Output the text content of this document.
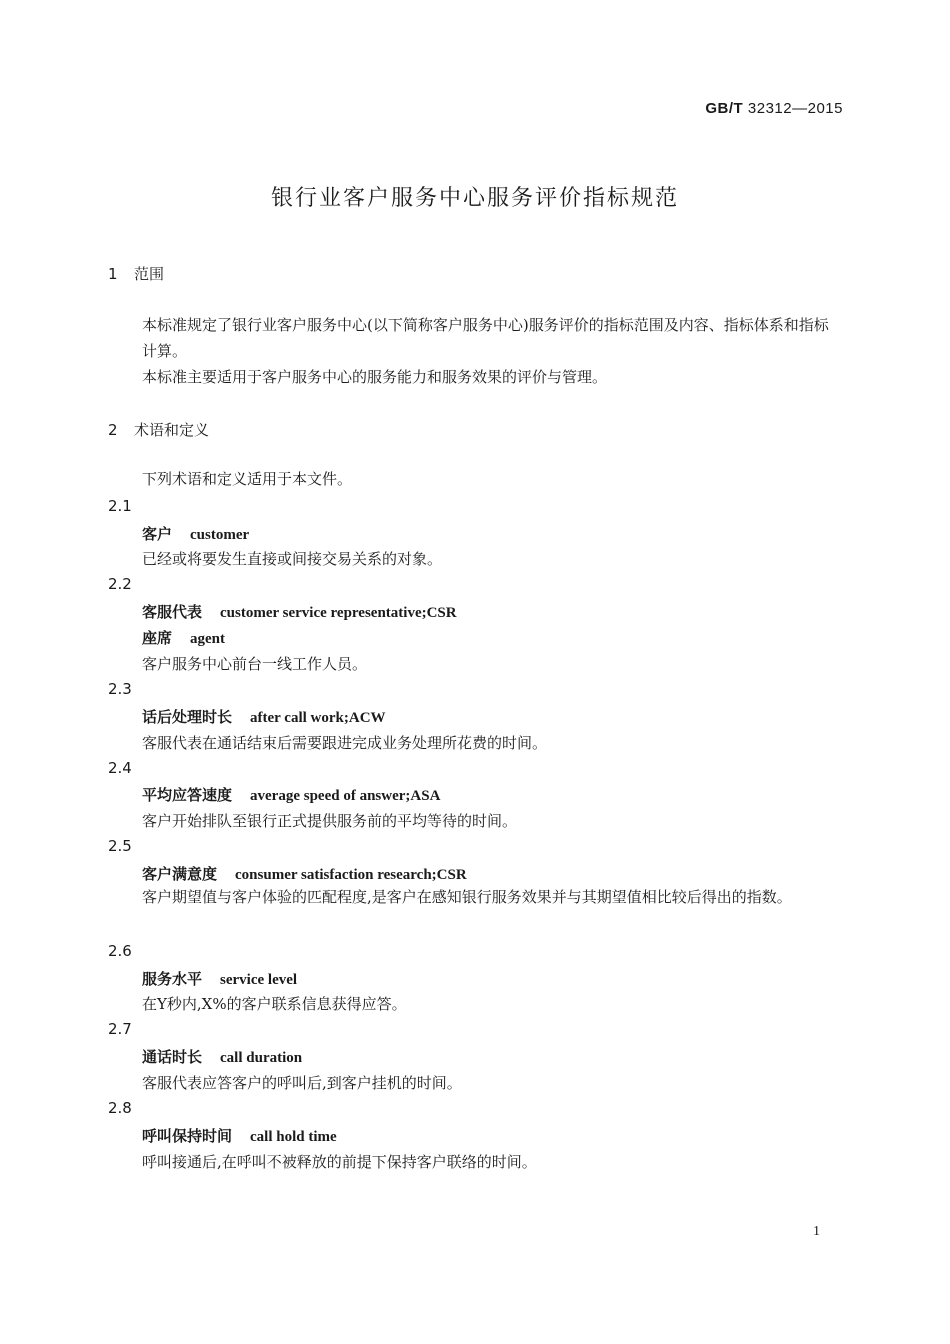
GB/T 32312—2015
银行业客户服务中心服务评价指标规范
1 范围
本标准规定了银行业客户服务中心(以下简称客户服务中心)服务评价的指标范围及内容、指标体系和指标计算。
本标准主要适用于客户服务中心的服务能力和服务效果的评价与管理。
2 术语和定义
下列术语和定义适用于本文件。
2.1
客户 customer
已经或将要发生直接或间接交易关系的对象。
2.2
客服代表 customer service representative;CSR
座席 agent
客户服务中心前台一线工作人员。
2.3
话后处理时长 after call work;ACW
客服代表在通话结束后需要跟进完成业务处理所花费的时间。
2.4
平均应答速度 average speed of answer;ASA
客户开始排队至银行正式提供服务前的平均等待的时间。
2.5
客户满意度 consumer satisfaction research;CSR
客户期望值与客户体验的匹配程度,是客户在感知银行服务效果并与其期望值相比较后得出的指数。
2.6
服务水平 service level
在Y秒内,X%的客户联系信息获得应答。
2.7
通话时长 call duration
客服代表应答客户的呼叫后,到客户挂机的时间。
2.8
呼叫保持时间 call hold time
呼叫接通后,在呼叫不被释放的前提下保持客户联络的时间。
1
